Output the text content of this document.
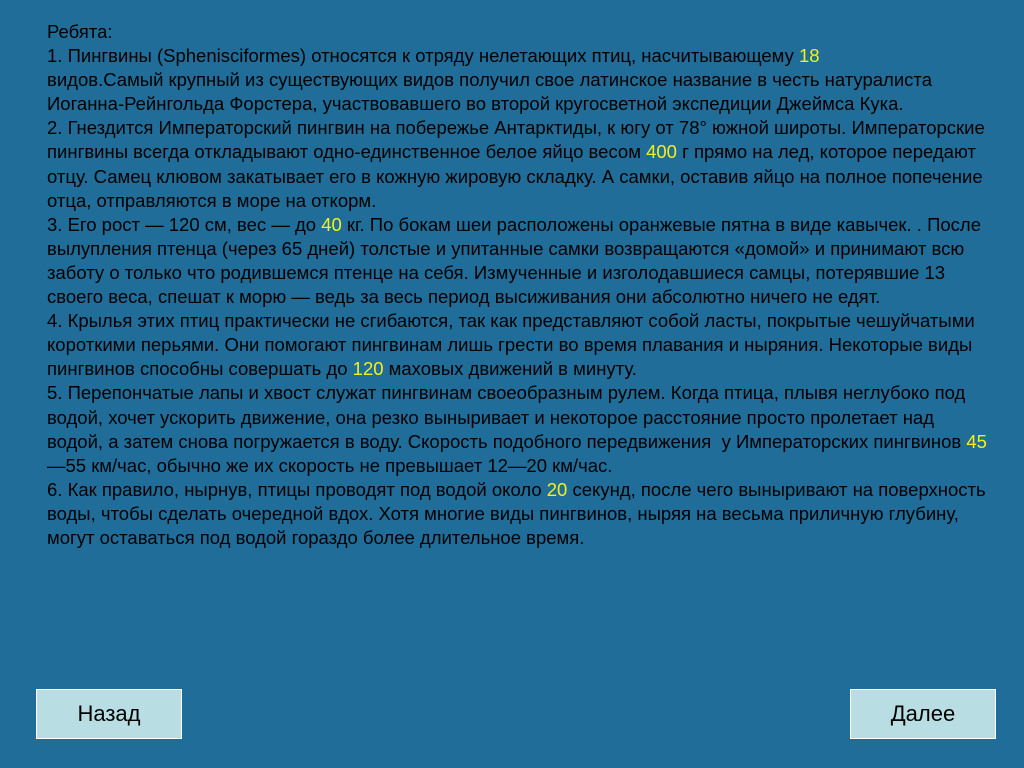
Ребята:
1. Пингвины (Sphenisciformes) относятся к отряду нелетающих птиц, насчитывающему 18
видов.Самый крупный из существующих видов получил свое латинское название в честь натуралиста Иоганна-Рейнгольда Форстера, участвовавшего во второй кругосветной экспедиции Джеймса Кука.
2. Гнездится Императорский пингвин на побережье Антарктиды, к югу от 78° южной широты. Императорские пингвины всегда откладывают одно-единственное белое яйцо весом 400 г прямо на лед, которое передают отцу. Самец клювом закатывает его в кожную жировую складку. А самки, оставив яйцо на полное попечение отца, отправляются в море на откорм.
3. Его рост — 120 см, вес — до 40 кг. По бокам шеи расположены оранжевые пятна в виде кавычек. . После вылупления птенца (через 65 дней) толстые и упитанные самки возвращаются «домой» и принимают всю заботу о только что родившемся птенце на себя. Измученные и изголодавшиеся самцы, потерявшие 13 своего веса, спешат к морю — ведь за весь период высиживания они абсолютно ничего не едят.
4. Крылья этих птиц практически не сгибаются, так как представляют собой ласты, покрытые чешуйчатыми короткими перьями. Они помогают пингвинам лишь грести во время плавания и ныряния. Некоторые виды пингвинов способны совершать до 120 маховых движений в минуту.
5. Перепончатые лапы и хвост служат пингвинам своеобразным рулем. Когда птица, плывя неглубоко под водой, хочет ускорить движение, она резко выныривает и некоторое расстояние просто пролетает над водой, а затем снова погружается в воду. Скорость подобного передвижения  у Императорских пингвинов 45—55 км/час, обычно же их скорость не превышает 12—20 км/час.
6. Как правило, нырнув, птицы проводят под водой около 20 секунд, после чего выныривают на поверхность воды, чтобы сделать очередной вдох. Хотя многие виды пингвинов, ныряя на весьма приличную глубину, могут оставаться под водой гораздо более длительное время.
Назад	Далее
